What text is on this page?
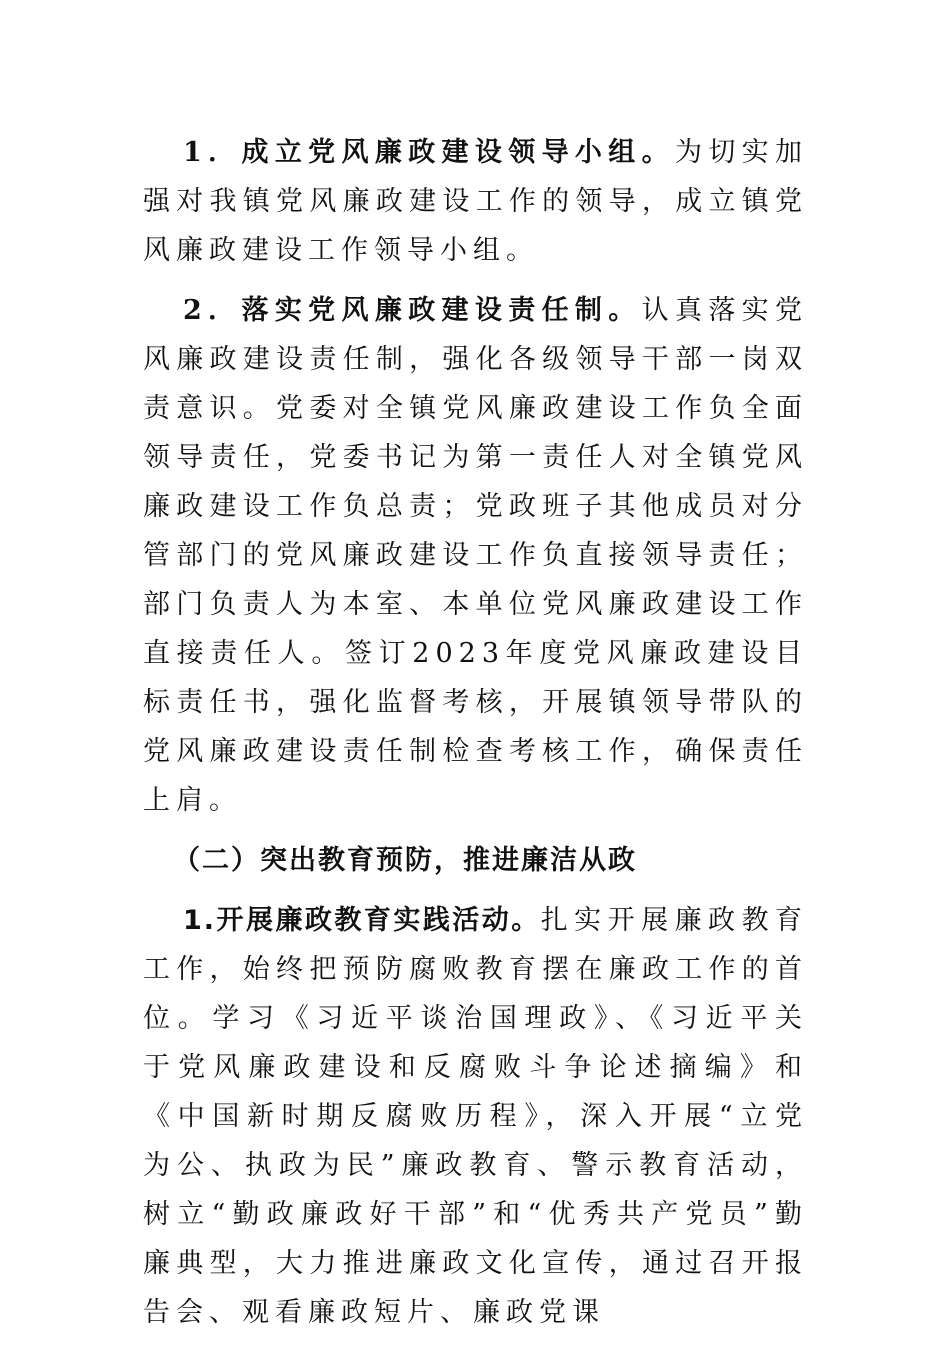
1．成立党风廉政建设领导小组。为切实加强对我镇党风廉政建设工作的领导，成立镇党风廉政建设工作领导小组。

2．落实党风廉政建设责任制。认真落实党风廉政建设责任制，强化各级领导干部一岗双责意识。党委对全镇党风廉政建设工作负全面领导责任，党委书记为第一责任人对全镇党风廉政建设工作负总责；党政班子其他成员对分管部门的党风廉政建设工作负直接领导责任；部门负责人为本室、本单位党风廉政建设工作直接责任人。签订2023年度党风廉政建设目标责任书，强化监督考核，开展镇领导带队的党风廉政建设责任制检查考核工作，确保责任上肩。

（二）突出教育预防，推进廉洁从政

1.开展廉政教育实践活动。扎实开展廉政教育工作，始终把预防腐败教育摆在廉政工作的首位。学习《习近平谈治国理政》、《习近平关于党风廉政建设和反腐败斗争论述摘编》和《中国新时期反腐败历程》，深入开展“立党为公、执政为民”廉政教育、警示教育活动，树立“勤政廉政好干部”和“优秀共产党员”勤廉典型，大力推进廉政文化宣传，通过召开报告会、观看廉政短片、廉政党课
